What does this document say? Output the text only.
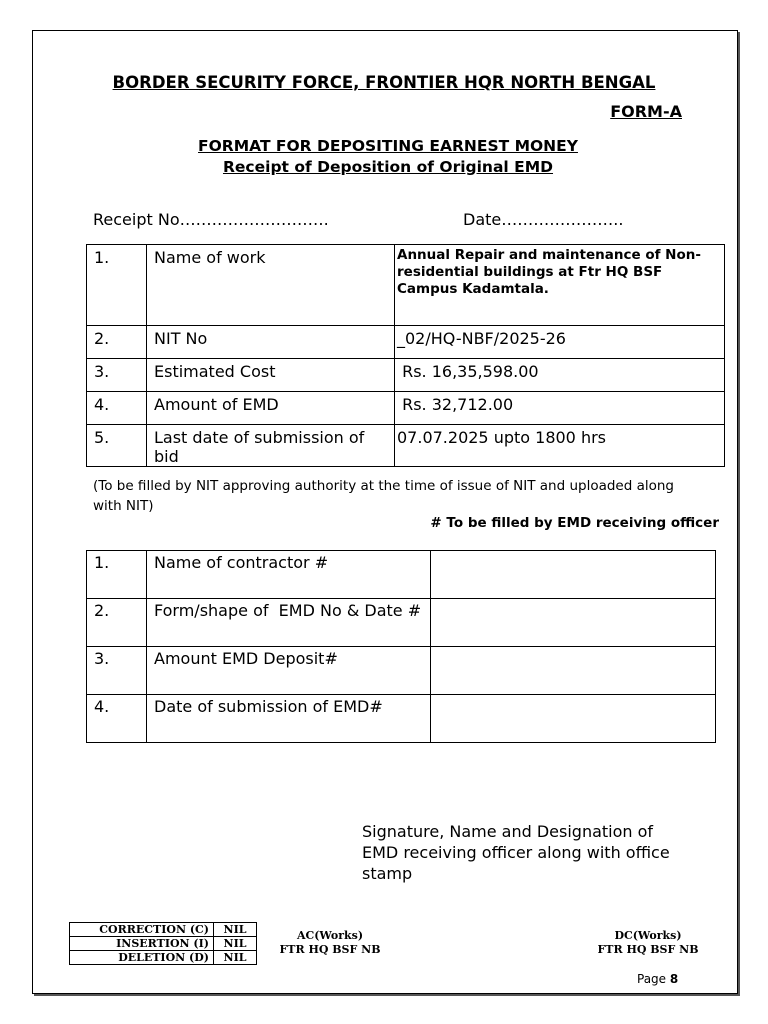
BORDER SECURITY FORCE, FRONTIER HQR NORTH BENGAL
FORM-A
FORMAT FOR DEPOSITING EARNEST MONEY
Receipt of Deposition of Original EMD
Receipt No……………………….	Date…………………..
1.	Name of work	Annual Repair and maintenance of Non-residential buildings at Ftr HQ BSF Campus Kadamtala.
2.	NIT No	_02/HQ-NBF/2025-26
3.	Estimated Cost	Rs. 16,35,598.00
4.	Amount of EMD	Rs. 32,712.00
5.	Last date of submission of bid	07.07.2025 upto 1800 hrs
(To be filled by NIT approving authority at the time of issue of NIT and uploaded along with NIT)
# To be filled by EMD receiving officer
1.	Name of contractor #	
2.	Form/shape of  EMD No & Date #	
3.	Amount EMD Deposit#	
4.	Date of submission of EMD#	
Signature, Name and Designation of EMD receiving officer along with office stamp
CORRECTION (C)	NIL
INSERTION (I)	NIL
DELETION (D)	NIL
AC(Works)
FTR HQ BSF NB
DC(Works)
FTR HQ BSF NB
Page 8
